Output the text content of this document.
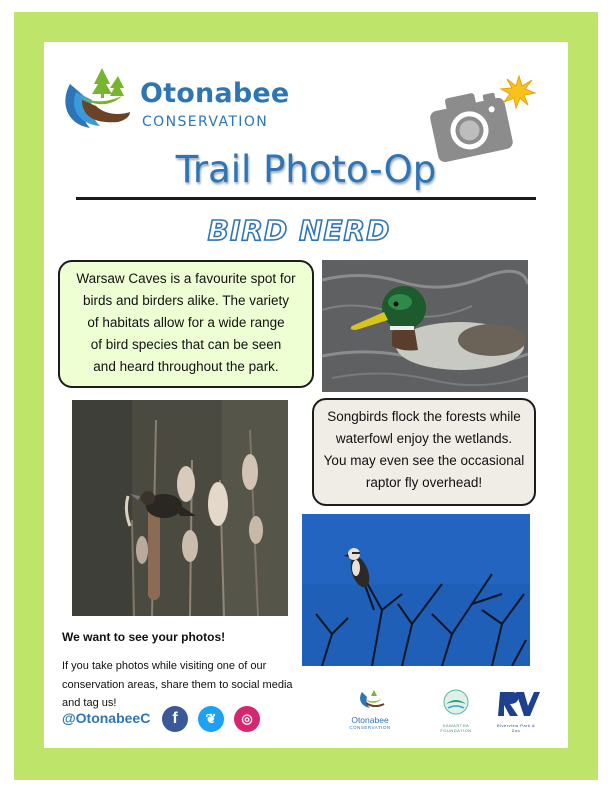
Otonabee
CONSERVATION
Trail Photo-Op
BIRD NERD
Warsaw Caves is a favourite spot for
birds and birders alike. The variety
of habitats allow for a wide range
of bird species that can be seen
and heard throughout the park.
Songbirds flock the forests while
waterfowl enjoy the wetlands.
You may even see the occasional
raptor fly overhead!
We want to see your photos!
If you take photos while visiting one of our
conservation areas, share them to social media
and tag us!
@OtonabeeC	f	❦	◎	Otonabee
CONSERVATION	KAWARTHA
FOUNDATION
Riverview Park & Zoo
